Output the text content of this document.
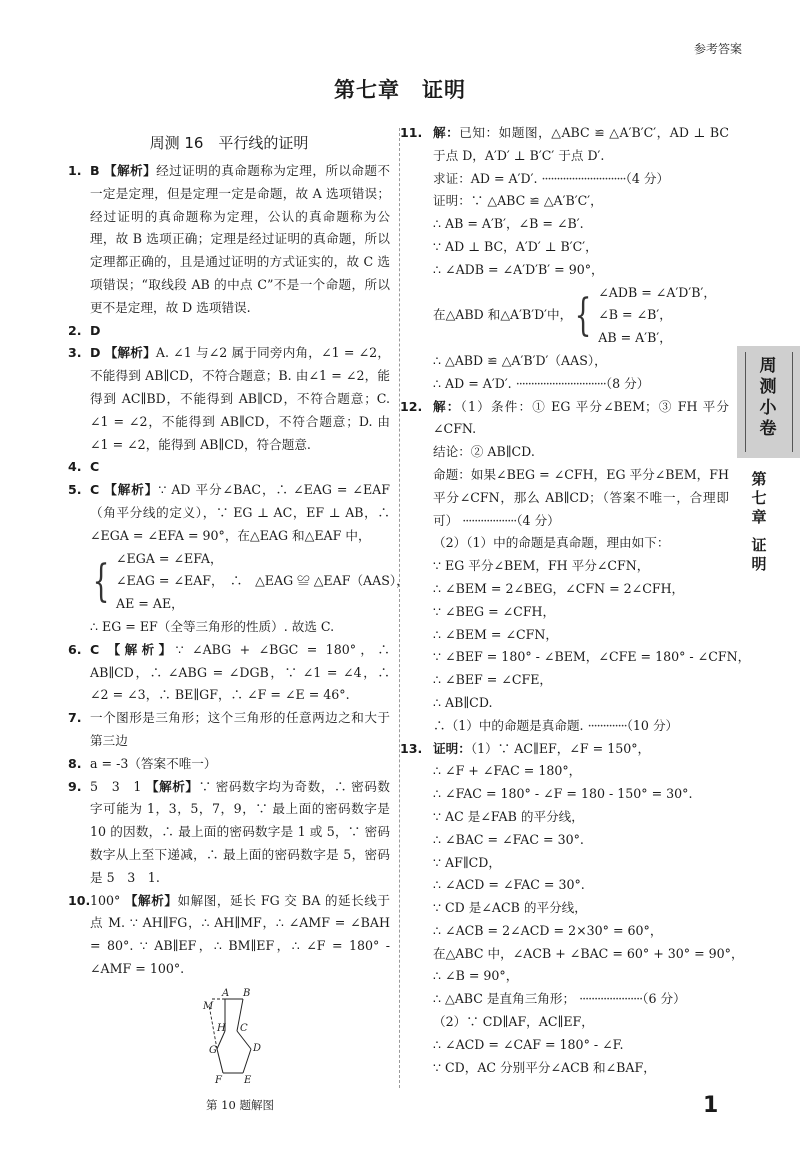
参考答案
第七章　证明
周测 16　平行线的证明
1. B 【解析】经过证明的真命题称为定理，所以命题不一定是定理，但是定理一定是命题，故 A 选项错误；经过证明的真命题称为定理，公认的真命题称为公理，故 B 选项正确；定理是经过证明的真命题，所以定理都正确的，且是通过证明的方式证实的，故 C 选项错误；“取线段 AB 的中点 C”不是一个命题，所以更不是定理，故 D 选项错误.
2. D
3. D 【解析】A. ∠1 与∠2 属于同旁内角，∠1 = ∠2，不能得到 AB∥CD，不符合题意；B. 由∠1 = ∠2，能得到 AC∥BD，不能得到 AB∥CD，不符合题意；C. ∠1 = ∠2，不能得到 AB∥CD，不符合题意；D. 由∠1 = ∠2，能得到 AB∥CD，符合题意.
4. C
5. C 【解析】∵ AD 平分∠BAC，∴ ∠EAG = ∠EAF（角平分线的定义），∵ EG ⊥ AC，EF ⊥ AB，∴ ∠EGA = ∠EFA = 90°，在△EAG 和△EAF 中，
{ ∠EGA = ∠EFA，
∠EAG = ∠EAF，　∴　△EAG ≌ △EAF（AAS），
AE = AE，
∴ EG = EF（全等三角形的性质）. 故选 C.
6. C 【解析】∵ ∠ABG + ∠BGC = 180°，∴ AB∥CD，∴ ∠ABG = ∠DGB，∵ ∠1 = ∠4，∴ ∠2 = ∠3，∴ BE∥GF，∴ ∠F = ∠E = 46°.
7. 一个图形是三角形；这个三角形的任意两边之和大于第三边
8. a = -3（答案不唯一）
9. 5　3　1 【解析】∵ 密码数字均为奇数，∴ 密码数字可能为 1，3，5，7，9，∵ 最上面的密码数字是 10 的因数，∴ 最上面的密码数字是 1 或 5，∵ 密码数字从上至下递减，∴ 最上面的密码数字是 5，密码是 5　3　1.
10. 100° 【解析】如解图，延长 FG 交 BA 的延长线于点 M. ∵ AH∥FG，∴ AH∥MF，∴ ∠AMF = ∠BAH = 80°. ∵ AB∥EF，∴ BM∥EF，∴ ∠F = 180° - ∠AMF = 100°.
M
A B
H C
G	D
F E
第 10 题解图
11. 解：已知：如题图，△ABC ≌ △A′B′C′，AD ⊥ BC 于点 D，A′D′ ⊥ B′C′ 于点 D′.
求证：AD = A′D′. ····························（4 分）
证明：∵ △ABC ≌ △A′B′C′，
∴ AB = A′B′，∠B = ∠B′.
∵ AD ⊥ BC，A′D′ ⊥ B′C′，
∴ ∠ADB = ∠A′D′B′ = 90°，
在△ABD 和△A′B′D′中， { ∠ADB = ∠A′D′B′，
∠B = ∠B′，
AB = A′B′，
∴ △ABD ≌ △A′B′D′（AAS），
∴ AD = A′D′. ······························（8 分）
12. 解：（1）条件：① EG 平分∠BEM；③ FH 平分∠CFN.
结论：② AB∥CD.
命题：如果∠BEG = ∠CFH，EG 平分∠BEM，FH 平分∠CFN，那么 AB∥CD；（答案不唯一，合理即可） ··················（4 分）
（2）（1）中的命题是真命题，理由如下：
∵ EG 平分∠BEM，FH 平分∠CFN，
∴ ∠BEM = 2∠BEG，∠CFN = 2∠CFH，
∵ ∠BEG = ∠CFH，
∴ ∠BEM = ∠CFN，
∵ ∠BEF = 180° - ∠BEM，∠CFE = 180° - ∠CFN，
∴ ∠BEF = ∠CFE，
∴ AB∥CD.
∴（1）中的命题是真命题. ·············（10 分）
13. 证明：（1）∵ AC∥EF，∠F = 150°，
∴ ∠F + ∠FAC = 180°，
∴ ∠FAC = 180° - ∠F = 180 - 150° = 30°.
∵ AC 是∠FAB 的平分线，
∴ ∠BAC = ∠FAC = 30°.
∵ AF∥CD，
∴ ∠ACD = ∠FAC = 30°.
∵ CD 是∠ACB 的平分线，
∴ ∠ACB = 2∠ACD = 2×30° = 60°，
在△ABC 中，∠ACB + ∠BAC = 60° + 30° = 90°，
∴ ∠B = 90°，
∴ △ABC 是直角三角形； ·····················（6 分）
（2）∵ CD∥AF，AC∥EF，
∴ ∠ACD = ∠CAF = 180° - ∠F.
∵ CD，AC 分别平分∠ACB 和∠BAF，
周测小卷
第七章
证明
1
